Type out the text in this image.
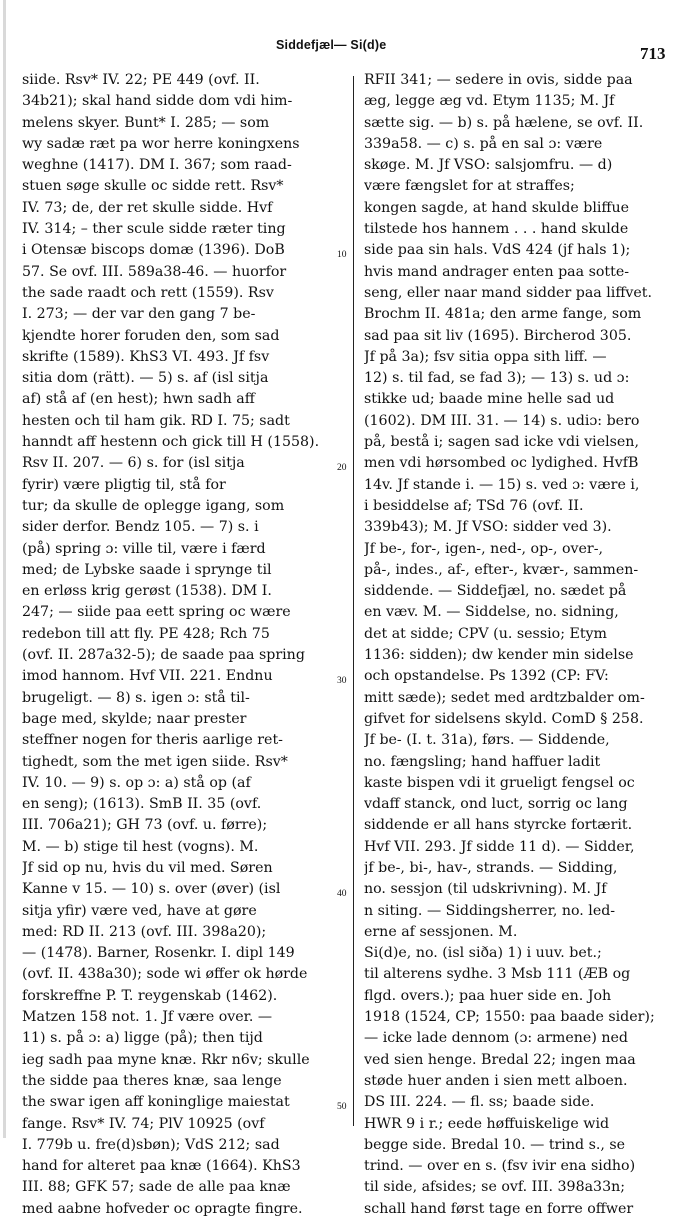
Siddefjæl— Si(d)e	713
siide. Rsv* IV. 22; PE 449 (ovf. II.
34b21); skal hand sidde dom vdi him-
melens skyer. Bunt* I. 285; — som
wy sadæ ræt pa wor herre koningxens
weghne (1417). DM I. 367; som raad-
stuen søge skulle oc sidde rett. Rsv*
IV. 73; de, der ret skulle sidde. Hvf
IV. 314; – ther scule sidde ræter ting
i Otensæ biscops domæ (1396). DoB
57. Se ovf. III. 589a38-46. — huorfor
the sade raadt och rett (1559). Rsv
I. 273; — der var den gang 7 be-
kjendte horer foruden den, som sad
skrifte (1589). KhS3 VI. 493. Jf fsv
sitia dom (rätt). — 5) s. af (isl sitja
af) stå af (en hest); hwn sadh aff
hesten och til ham gik. RD I. 75; sadt
hanndt aff hestenn och gick till H (1558).
Rsv II. 207. — 6) s. for (isl sitja
fyrir) være pligtig til, stå for
tur; da skulle de oplegge igang, som
sider derfor. Bendz 105. — 7) s. i
(på) spring ɔ: ville til, være i færd
med; de Lybske saade i sprynge til
en erløss krig gerøst (1538). DM I.
247; — siide paa eett spring oc wære
redebon till att fly. PE 428; Rch 75
(ovf. II. 287a32-5); de saade paa spring
imod hannom. Hvf VII. 221. Endnu
brugeligt. — 8) s. igen ɔ: stå til-
bage med, skylde; naar prester
steffner nogen for theris aarlige ret-
tighedt, som the met igen siide. Rsv*
IV. 10. — 9) s. op ɔ: a) stå op (af
en seng); (1613). SmB II. 35 (ovf.
III. 706a21); GH 73 (ovf. u. førre);
M. — b) stige til hest (vogns). M.
Jf sid op nu, hvis du vil med. Søren
Kanne v 15. — 10) s. over (øver) (isl
sitja yfir) være ved, have at gøre
med: RD II. 213 (ovf. III. 398a20);
— (1478). Barner, Rosenkr. I. dipl 149
(ovf. II. 438a30); sode wi øffer ok hørde
forskreffne P. T. reygenskab (1462).
Matzen 158 not. 1. Jf være over. —
11) s. på ɔ: a) ligge (på); then tijd
ieg sadh paa myne knæ. Rkr n6v; skulle
the sidde paa theres knæ, saa lenge
the swar igen aff koninglige maiestat
fange. Rsv* IV. 74; PlV 10925 (ovf
I. 779b u. fre(d)sbøn); VdS 212; sad
hand for alteret paa knæ (1664). KhS3
III. 88; GFK 57; sade de alle paa knæ
med aabne hofveder oc opragte fingre.
10
20
30
40
50
RFII 341; — sedere in ovis, sidde paa
æg, legge æg vd. Etym 1135; M. Jf
sætte sig. — b) s. på hælene, se ovf. II.
339a58. — c) s. på en sal ɔ: være
skøge. M. Jf VSO: salsjomfru. — d)
være fængslet for at straffes;
kongen sagde, at hand skulde bliffue
tilstede hos hannem . . . hand skulde
side paa sin hals. VdS 424 (jf hals 1);
hvis mand andrager enten paa sotte-
seng, eller naar mand sidder paa liffvet.
Brochm II. 481a; den arme fange, som
sad paa sit liv (1695). Bircherod 305.
Jf på 3a); fsv sitia oppa sith liff. —
12) s. til fad, se fad 3); — 13) s. ud ɔ:
stikke ud; baade mine helle sad ud
(1602). DM III. 31. — 14) s. udiɔ: bero
på, bestå i; sagen sad icke vdi vielsen,
men vdi hørsombed oc lydighed. HvfB
14v. Jf stande i. — 15) s. ved ɔ: være i,
i besiddelse af; TSd 76 (ovf. II.
339b43); M. Jf VSO: sidder ved 3).
Jf be-, for-, igen-, ned-, op-, over-,
på-, indes., af-, efter-, kvær-, sammen-
siddende. — Siddefjæl, no. sædet på
en væv. M. — Siddelse, no. sidning,
det at sidde; CPV (u. sessio; Etym
1136: sidden); dw kender min sidelse
och opstandelse. Ps 1392 (CP: FV:
mitt sæde); sedet med ardtzbalder om-
gifvet for sidelsens skyld. ComD § 258.
Jf be- (I. t. 31a), førs. — Siddende,
no. fængsling; hand haffuer ladit
kaste bispen vdi it grueligt fengsel oc
vdaff stanck, ond luct, sorrig oc lang
siddende er all hans styrcke fortærit.
Hvf VII. 293. Jf sidde 11 d). — Sidder,
jf be-, bi-, hav-, strands. — Sidding,
no. sessjon (til udskrivning). M. Jf
n siting. — Siddingsherrer, no. led-
erne af sessjonen. M.
Si(d)e, no. (isl siða) 1) i uuv. bet.;
til alterens sydhe. 3 Msb 111 (ÆB og
flgd. overs.); paa huer side en. Joh
1918 (1524, CP; 1550: paa baade sider);
— icke lade dennom (ɔ: armene) ned
ved sien henge. Bredal 22; ingen maa
støde huer anden i sien mett alboen.
DS III. 224. — fl. ss; baade side.
HWR 9 i r.; eede høffuiskelige wid
begge side. Bredal 10. — trind s., se
trind. — over en s. (fsv ivir ena sidho)
til side, afsides; se ovf. III. 398a33n;
schall hand først tage en forre offwer
